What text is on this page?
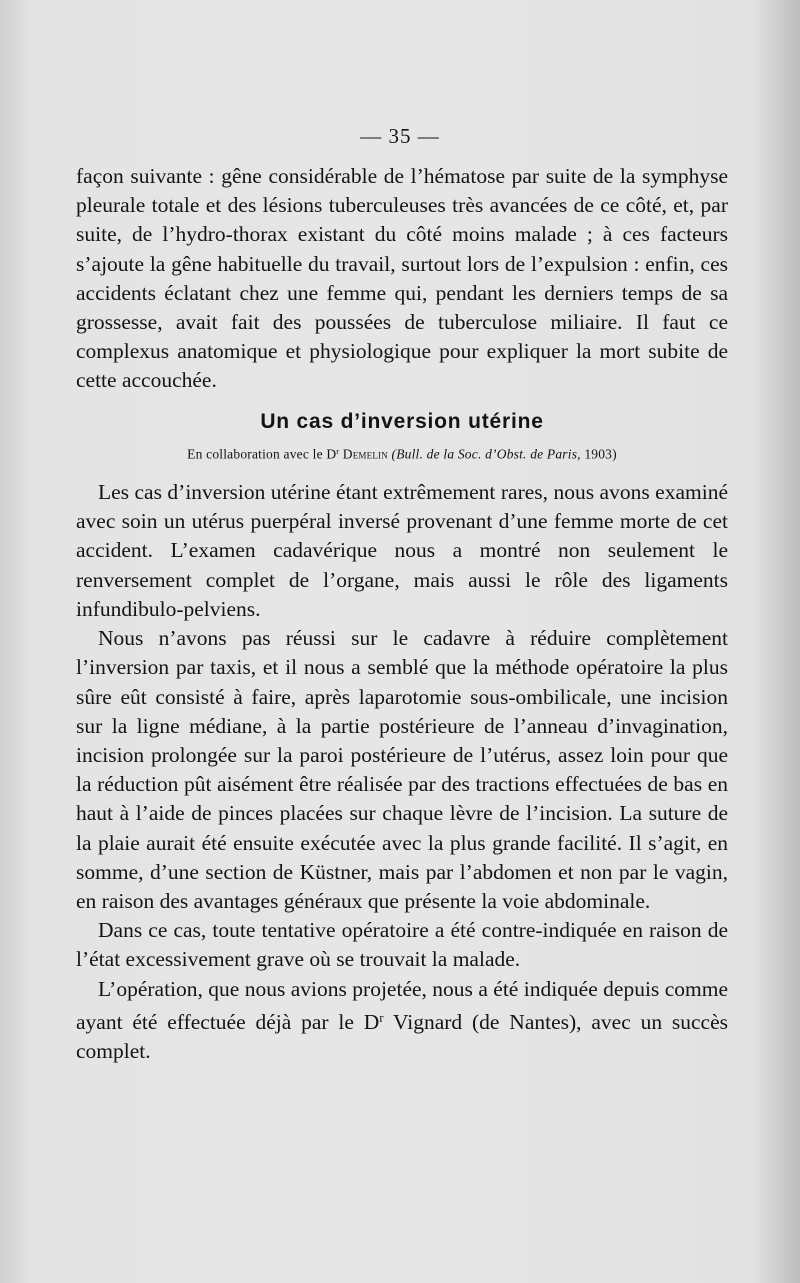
— 35 —

façon suivante : gêne considérable de l’hématose par suite de la symphyse pleurale totale et des lésions tuberculeuses très avancées de ce côté, et, par suite, de l’hydro-thorax existant du côté moins malade ; à ces facteurs s’ajoute la gêne habituelle du travail, surtout lors de l’expulsion : enfin, ces accidents éclatant chez une femme qui, pendant les derniers temps de sa grossesse, avait fait des poussées de tuberculose miliaire. Il faut ce complexus anatomique et physiologique pour expliquer la mort subite de cette accouchée.

Un cas d’inversion utérine
En collaboration avec le $D^r$ Demelin (Bull. de la Soc. d’Obst. de Paris, 1903)

Les cas d’inversion utérine étant extrêmement rares, nous avons examiné avec soin un utérus puerpéral inversé provenant d’une femme morte de cet accident. L’examen cadavérique nous a montré non seulement le renversement complet de l’organe, mais aussi le rôle des ligaments infundibulo-pelviens.

Nous n’avons pas réussi sur le cadavre à réduire complètement l’inversion par taxis, et il nous a semblé que la méthode opératoire la plus sûre eût consisté à faire, après laparotomie sous-ombilicale, une incision sur la ligne médiane, à la partie postérieure de l’anneau d’invagination, incision prolongée sur la paroi postérieure de l’utérus, assez loin pour que la réduction pût aisément être réalisée par des tractions effectuées de bas en haut à l’aide de pinces placées sur chaque lèvre de l’incision. La suture de la plaie aurait été ensuite exécutée avec la plus grande facilité. Il s’agit, en somme, d’une section de Küstner, mais par l’abdomen et non par le vagin, en raison des avantages généraux que présente la voie abdominale.

Dans ce cas, toute tentative opératoire a été contre-indiquée en raison de l’état excessivement grave où se trouvait la malade.

L’opération, que nous avions projetée, nous a été indiquée depuis comme ayant été effectuée déjà par le $D^r$ Vignard (de Nantes), avec un succès complet.
